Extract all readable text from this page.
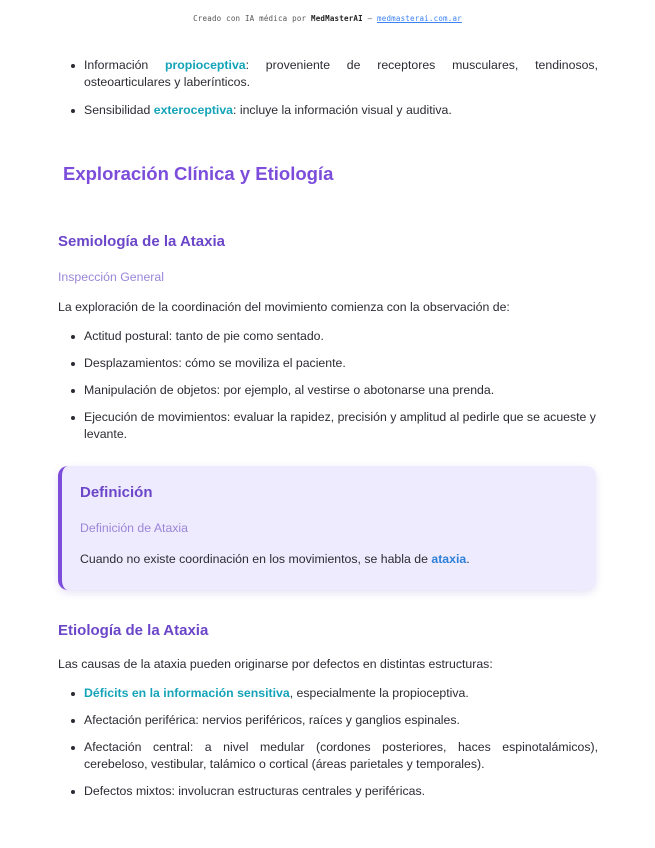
Creado con IA médica por MedMasterAI – medmasterai.com.ar
Información propioceptiva: proveniente de receptores musculares, tendinosos, osteoarticulares y laberínticos.
Sensibilidad exteroceptiva: incluye la información visual y auditiva.
Exploración Clínica y Etiología
Semiología de la Ataxia
Inspección General

La exploración de la coordinación del movimiento comienza con la observación de:

Actitud postural: tanto de pie como sentado.
Desplazamientos: cómo se moviliza el paciente.
Manipulación de objetos: por ejemplo, al vestirse o abotonarse una prenda.
Ejecución de movimientos: evaluar la rapidez, precisión y amplitud al pedirle que se acueste y levante.
Definición
Definición de Ataxia
Cuando no existe coordinación en los movimientos, se habla de ataxia.
Etiología de la Ataxia

Las causas de la ataxia pueden originarse por defectos en distintas estructuras:

Déficits en la información sensitiva, especialmente la propioceptiva.
Afectación periférica: nervios periféricos, raíces y ganglios espinales.
Afectación central: a nivel medular (cordones posteriores, haces espinotalámicos), cerebeloso, vestibular, talámico o cortical (áreas parietales y temporales).
Defectos mixtos: involucran estructuras centrales y periféricas.
